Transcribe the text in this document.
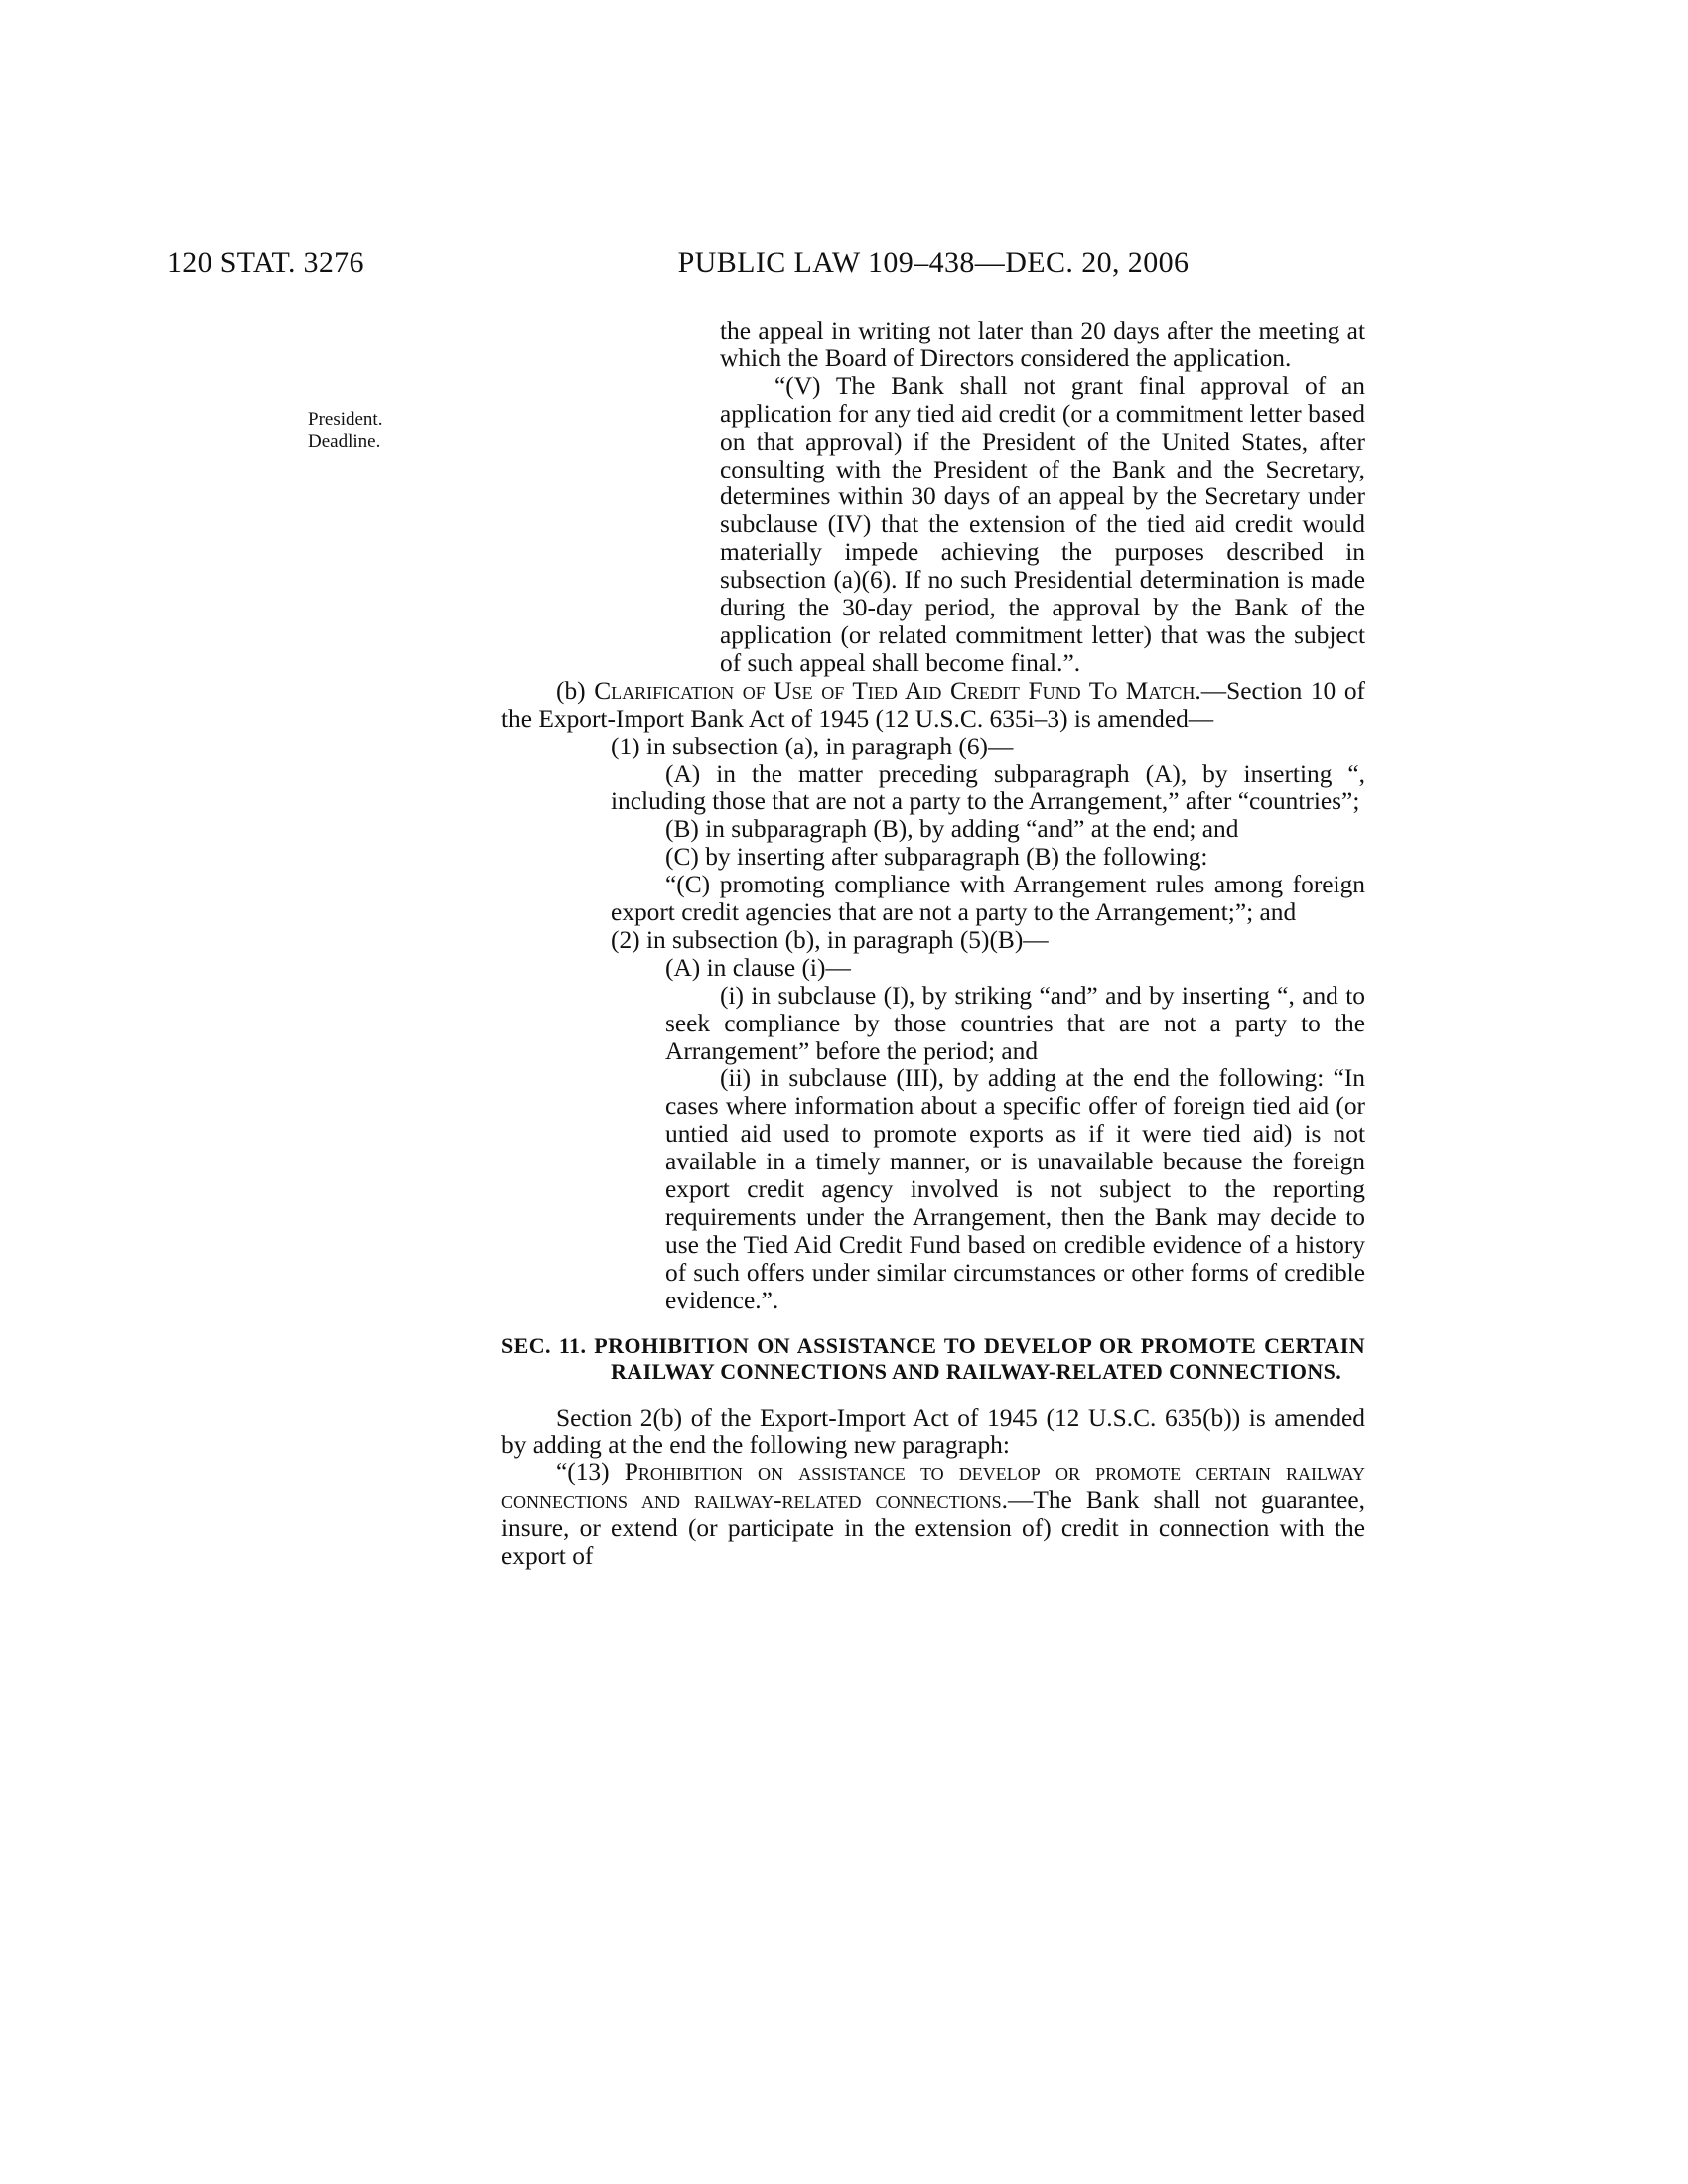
120 STAT. 3276	PUBLIC LAW 109–438—DEC. 20, 2006
President.
Deadline.

the appeal in writing not later than 20 days after the meeting at which the Board of Directors considered the application.

“(V) The Bank shall not grant final approval of an application for any tied aid credit (or a commitment letter based on that approval) if the President of the United States, after consulting with the President of the Bank and the Secretary, determines within 30 days of an appeal by the Secretary under subclause (IV) that the extension of the tied aid credit would materially impede achieving the purposes described in subsection (a)(6). If no such Presidential determination is made during the 30-day period, the approval by the Bank of the application (or related commitment letter) that was the subject of such appeal shall become final.”.

(b) Clarification of Use of Tied Aid Credit Fund To Match.—Section 10 of the Export-Import Bank Act of 1945 (12 U.S.C. 635i–3) is amended—

(1) in subsection (a), in paragraph (6)—

(A) in the matter preceding subparagraph (A), by inserting “, including those that are not a party to the Arrangement,” after “countries”;

(B) in subparagraph (B), by adding “and” at the end; and

(C) by inserting after subparagraph (B) the following:

“(C) promoting compliance with Arrangement rules among foreign export credit agencies that are not a party to the Arrangement;”; and

(2) in subsection (b), in paragraph (5)(B)—

(A) in clause (i)—

(i) in subclause (I), by striking “and” and by inserting “, and to seek compliance by those countries that are not a party to the Arrangement” before the period; and

(ii) in subclause (III), by adding at the end the following: “In cases where information about a specific offer of foreign tied aid (or untied aid used to promote exports as if it were tied aid) is not available in a timely manner, or is unavailable because the foreign export credit agency involved is not subject to the reporting requirements under the Arrangement, then the Bank may decide to use the Tied Aid Credit Fund based on credible evidence of a history of such offers under similar circumstances or other forms of credible evidence.”.

SEC. 11. PROHIBITION ON ASSISTANCE TO DEVELOP OR PROMOTE CERTAIN RAILWAY CONNECTIONS AND RAILWAY-RELATED CONNECTIONS.

Section 2(b) of the Export-Import Act of 1945 (12 U.S.C. 635(b)) is amended by adding at the end the following new paragraph:

“(13) Prohibition on assistance to develop or promote certain railway connections and railway-related connections.—The Bank shall not guarantee, insure, or extend (or participate in the extension of) credit in connection with the export of
